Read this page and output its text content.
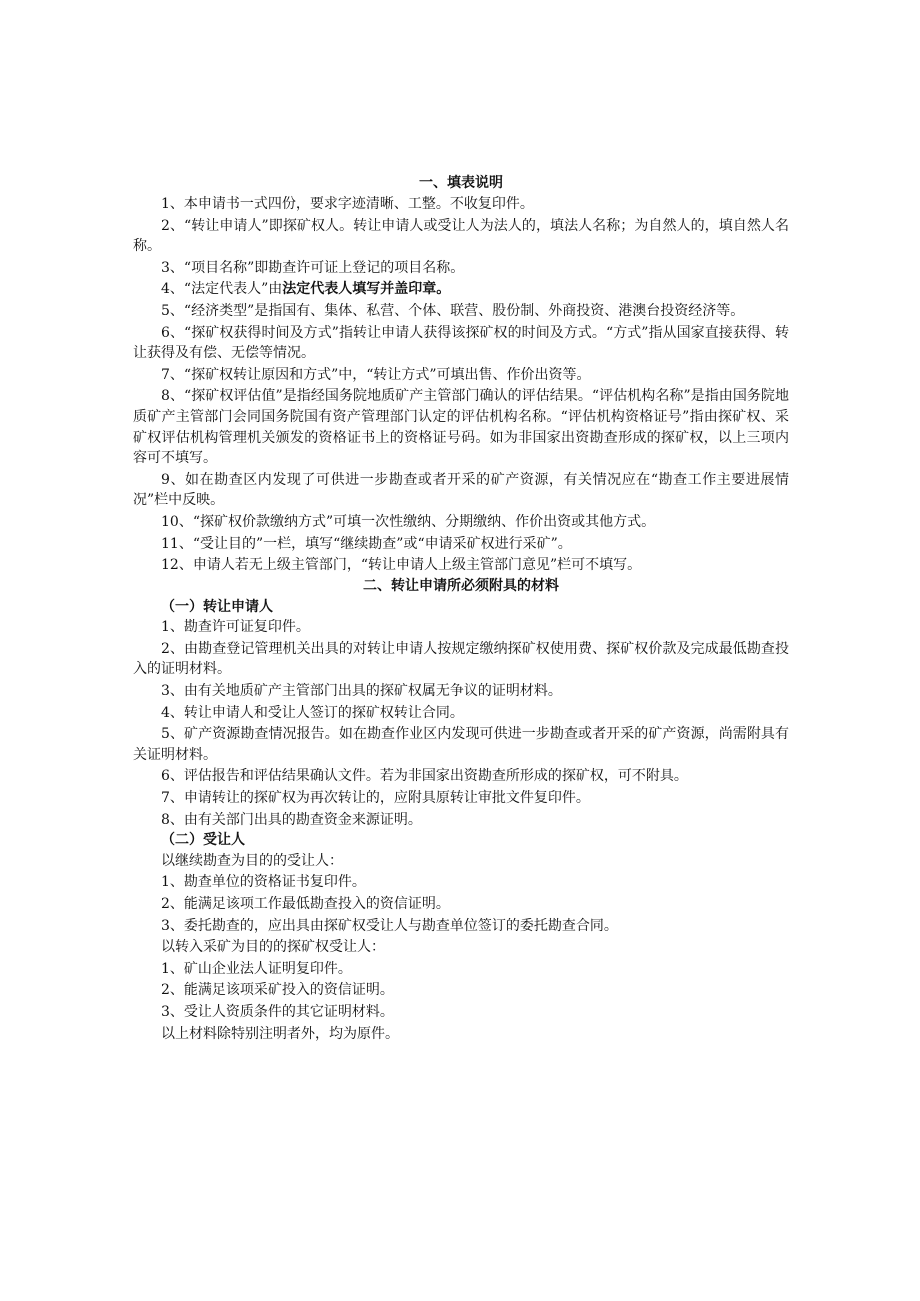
一、填表说明

1、本申请书一式四份，要求字迹清晰、工整。不收复印件。

2、“转让申请人”即探矿权人。转让申请人或受让人为法人的，填法人名称；为自然人的，填自然人名称。

3、“项目名称”即勘查许可证上登记的项目名称。

4、“法定代表人”由法定代表人填写并盖印章。

5、“经济类型”是指国有、集体、私营、个体、联营、股份制、外商投资、港澳台投资经济等。

6、“探矿权获得时间及方式”指转让申请人获得该探矿权的时间及方式。“方式”指从国家直接获得、转让获得及有偿、无偿等情况。

7、“探矿权转让原因和方式”中，“转让方式”可填出售、作价出资等。

8、“探矿权评估值”是指经国务院地质矿产主管部门确认的评估结果。“评估机构名称”是指由国务院地质矿产主管部门会同国务院国有资产管理部门认定的评估机构名称。“评估机构资格证号”指由探矿权、采矿权评估机构管理机关颁发的资格证书上的资格证号码。如为非国家出资勘查形成的探矿权，以上三项内容可不填写。

9、如在勘查区内发现了可供进一步勘查或者开采的矿产资源，有关情况应在“勘查工作主要进展情况”栏中反映。

10、“探矿权价款缴纳方式”可填一次性缴纳、分期缴纳、作价出资或其他方式。

11、“受让目的”一栏，填写“继续勘查”或“申请采矿权进行采矿”。

12、申请人若无上级主管部门，“转让申请人上级主管部门意见”栏可不填写。

二、转让申请所必须附具的材料

（一）转让申请人

1、勘查许可证复印件。

2、由勘查登记管理机关出具的对转让申请人按规定缴纳探矿权使用费、探矿权价款及完成最低勘查投入的证明材料。

3、由有关地质矿产主管部门出具的探矿权属无争议的证明材料。

4、转让申请人和受让人签订的探矿权转让合同。

5、矿产资源勘查情况报告。如在勘查作业区内发现可供进一步勘查或者开采的矿产资源，尚需附具有关证明材料。

6、评估报告和评估结果确认文件。若为非国家出资勘查所形成的探矿权，可不附具。

7、申请转让的探矿权为再次转让的，应附具原转让审批文件复印件。

8、由有关部门出具的勘查资金来源证明。

（二）受让人

以继续勘查为目的的受让人：

1、勘查单位的资格证书复印件。

2、能满足该项工作最低勘查投入的资信证明。

3、委托勘查的，应出具由探矿权受让人与勘查单位签订的委托勘查合同。

以转入采矿为目的的探矿权受让人：

1、矿山企业法人证明复印件。

2、能满足该项采矿投入的资信证明。

3、受让人资质条件的其它证明材料。

以上材料除特别注明者外，均为原件。
